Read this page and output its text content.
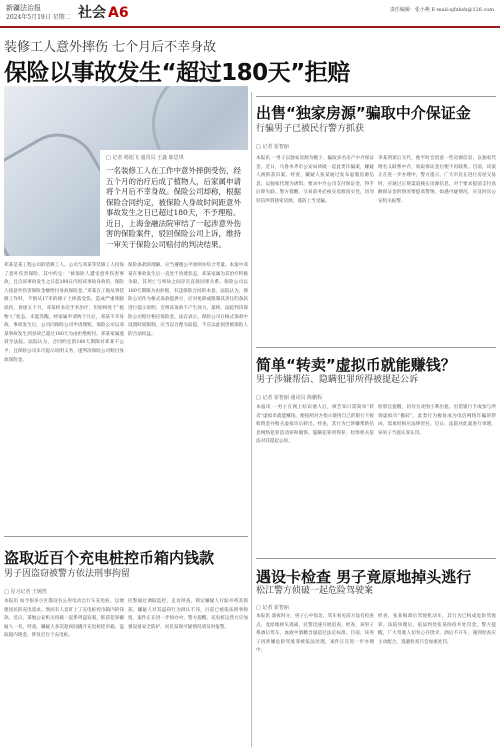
新疆法治报
2024年5月19日 星期二 社会 A6	责任编辑：张小燕 E-mail:xjfzbsh@126.com
装修工人意外摔伤 七个月后不幸身故
保险以事故发生“超过180天”拒赔
□ 记者 杨旭飞 通讯员 王鑫 陈思琪
一名装修工人在工作中意外摔倒受伤，经五个月的治疗后成了植物人，后家属申请将个月后不幸身故。保险公司却称，根据保险合同约定，被保险人身故时间距意外事故发生之日已超过180天，不予理赔。近日，上海金融法院审结了一起涉意外伤害的保险案件，驳回保险公司上诉，维持一审关于保险公司赔付的判决结果。
邓某是某工程公司的装修工人。公司与邓某等装修工人投保了意外伤害保险，其中约定：“被保险人遭受意外伤害事故，且自该事故发生之日起180日内因该事故身故的，保险人按意外伤害保险金额给付身故保险金。”邓某在工地从事装修工作时，不慎从17米的梯子上摔落受伤，造成严重颅脑损伤，昏迷五个月，邓某经多次手术治疗，但始终处于“植物人”状态，未能苏醒。经家属申请两个月后，邓某不幸身故。事故发生后，公司向保险公司申请理赔，保险公司以邓某事故发生到身故已超过180天为由拒绝赔付。邓某家属遂诉至法院。法院认为，合同约定的180天期限对邓某不公平，且保险公司未尽提示说明义务，遂判决保险公司赔付身故保险金。
保险条款的理解，应当遵循公平原则并综合考量。本案中邓某在事故发生后一直处于昏迷状态，邓某家属为其治疗积极争取，其死亡与事故之间存在直接因果关系。保险公司以180天期限为由拒赔，有违保险合同的本意。法院认为，保险公司作为格式条款提供方，应对免除或限制其责任的条款进行提示说明，否则该条款不产生效力。最终，法院判决保险公司赔付相应保险金。法官表示，保险公司在格式条款中设置时间限制，应当以合理为前提，不应以此损害被保险人的合法权益。
盗取近百个充电桩控币箱内钱款
男子因盗窃被警方依法刑事拘留
□ 见习记者 王婉然
本报讯 如今很多小区都设有公用电动自行车充电桩，以便捷居民的充电需求。然而有人竟盯上了充电桩控币箱内的钱款。近日，某地公安机关侦破一起系列盗窃案，抓获犯罪嫌疑人一名。经查，嫌疑人多次趁夜间撬开充电桩控币箱，盗取箱内现金，涉及近百个充电桩。
民警通过调取监控、走访排查，锁定嫌疑人行踪并将其抓获。嫌疑人对其盗窃行为供认不讳，目前已被依法刑事拘留，案件正在进一步侦办中。警方提醒，充电桩运营方应加强设备安全防护，居民发现可疑情况请及时报警。
出售“独家房源”骗取中介保证金
行骗男子已被民行警方抓获
□ 记者 崔智丽
本报讯 一男子以独家房源为幌子，骗取多名房产中介保证金。近日，乌鲁木齐市公安局侦破一起此类诈骗案，嫌疑人被抓获归案。经查，嫌疑人张某通过发布虚假房源信息，以独家代理为诱饵，要求中介公司支付保证金，得手后即失联。警方提醒，交易前务必核实房源真实性，切勿轻信所谓独家房源，谨防上当受骗。
李某到案后交代，他平时会留意一些房源信息，以独家代理名义联系中介，收取保证金后便不再联系。目前，该案正在进一步办理中。警方提示，广大市民在进行房屋交易时，应通过正规渠道核实房源信息，对于要求提前支付高额保证金的情况要提高警惕，如遇可疑情况，应及时向公安机关报警。
简单“转卖”虚拟币就能赚钱？
男子涉嫌帮信、隐瞒犯罪所得被提起公诉
□ 记者 崔智丽 通讯员 陈鹏程
本报讯 一男子在网上结识他人后，被告知只需简单“转卖”虚拟币就能赚钱，便按照对方指示使用自己的银行卡接收资金并购买虚拟币后转出。经查，其行为已涉嫌帮助信息网络犯罪活动罪和掩饰、隐瞒犯罪所得罪。检察机关依法对其提起公诉。
检察官提醒，切勿为贪图小利出租、出借银行卡或参与所谓虚拟币“搬砖”，此类行为极易成为电信网络诈骗的帮凶，需承担相应法律责任。近日，法院对此案进行审理，该男子当庭认罪认罚。
遇设卡检查 男子竟原地掉头逃行
松江警方侦破一起危险驾驶案
□ 记者 崔智丽
本报讯 深夜时分，男子心中焦急，驾车看见前方设有检查点，竟原地掉头逃离，民警迅速开展追查。经查，该男子系酒后驾车，血液中酒精含量超过法定标准。目前，该男子因涉嫌危险驾驶罪被依法处理，案件正在进一步办理中。
经查，张某喝酒后驾驶机动车，其行为已构成危险驾驶罪。法院审理后，依法判处张某拘役并处罚金。警方提醒，广大驾驶人切勿心存侥幸，酒后不开车，遇到检查应主动配合，逃避检查只会加重处罚。
